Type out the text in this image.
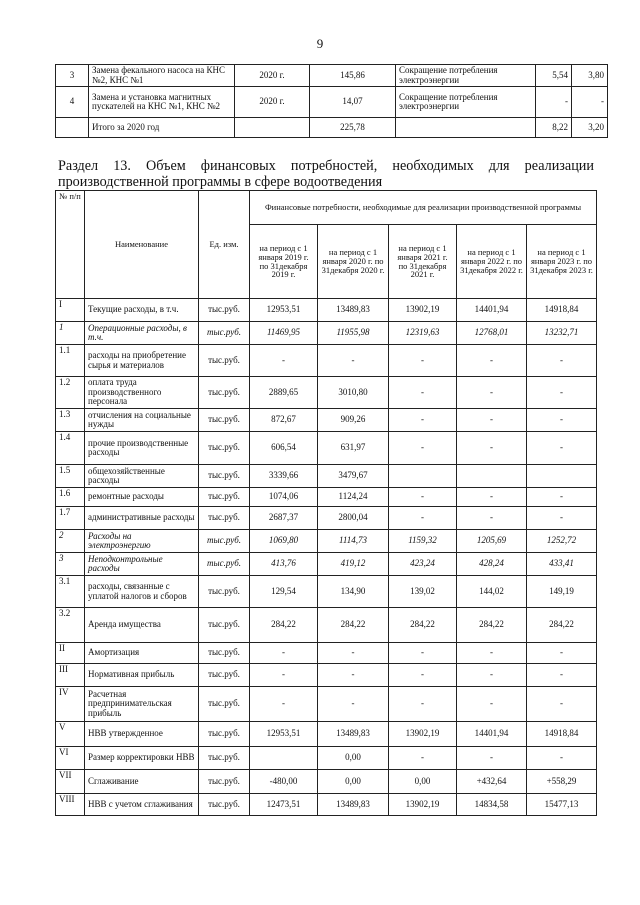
9
3	Замена фекального насоса на КНС №2, КНС №1	2020 г.	145,86	Сокращение потребления электроэнергии	5,54	3,80
4	Замена и установка магнитных пускателей на КНС №1, КНС №2	2020 г.	14,07	Сокращение потребления электроэнергии	-	-
	Итого за 2020 год		225,78		8,22	3,20
Раздел 13. Объем финансовых потребностей, необходимых для реализации производственной программы в сфере водоотведения
№ п/п	Наименование	Ед. изм.	Финансовые потребности, необходимые для реализации производственной программы				
			на период с 1 января 2019 г. по 31декабря 2019 г.	на период с 1 января 2020 г. по 31декабря 2020 г.	на период с 1 января 2021 г. по 31декабря 2021 г.	на период с 1 января 2022 г. по 31декабря 2022 г.	на период с 1 января 2023 г. по 31декабря 2023 г.
I	Текущие расходы, в т.ч.	тыс.руб.	12953,51	13489,83	13902,19	14401,94	14918,84
1	Операционные расходы, в т.ч.	тыс.руб.	11469,95	11955,98	12319,63	12768,01	13232,71
1.1	расходы на приобретение сырья и материалов	тыс.руб.	-	-	-	-	-
1.2	оплата труда производственного персонала	тыс.руб.	2889,65	3010,80	-	-	-
1.3	отчисления на социальные нужды	тыс.руб.	872,67	909,26	-	-	-
1.4	прочие производственные расходы	тыс.руб.	606,54	631,97	-	-	-
1.5	общехозяйственные расходы	тыс.руб.	3339,66	3479,67			
1.6	ремонтные расходы	тыс.руб.	1074,06	1124,24	-	-	-
1.7	административные расходы	тыс.руб.	2687,37	2800,04	-	-	-
2	Расходы на электроэнергию	тыс.руб.	1069,80	1114,73	1159,32	1205,69	1252,72
3	Неподконтрольные расходы	тыс.руб.	413,76	419,12	423,24	428,24	433,41
3.1	расходы, связанные с уплатой налогов и сборов	тыс.руб.	129,54	134,90	139,02	144,02	149,19
3.2	Аренда имущества	тыс.руб.	284,22	284,22	284,22	284,22	284,22
II	Амортизация	тыс.руб.	-	-	-	-	-
III	Нормативная прибыль	тыс.руб.	-	-	-	-	-
IV	Расчетная предпринимательская прибыль	тыс.руб.	-	-	-	-	-
V	НВВ утвержденное	тыс.руб.	12953,51	13489,83	13902,19	14401,94	14918,84
VI	Размер корректировки НВВ	тыс.руб.		0,00	-	-	-
VII	Сглаживание	тыс.руб.	-480,00	0,00	0,00	+432,64	+558,29
VIII	НВВ с учетом сглаживания	тыс.руб.	12473,51	13489,83	13902,19	14834,58	15477,13
